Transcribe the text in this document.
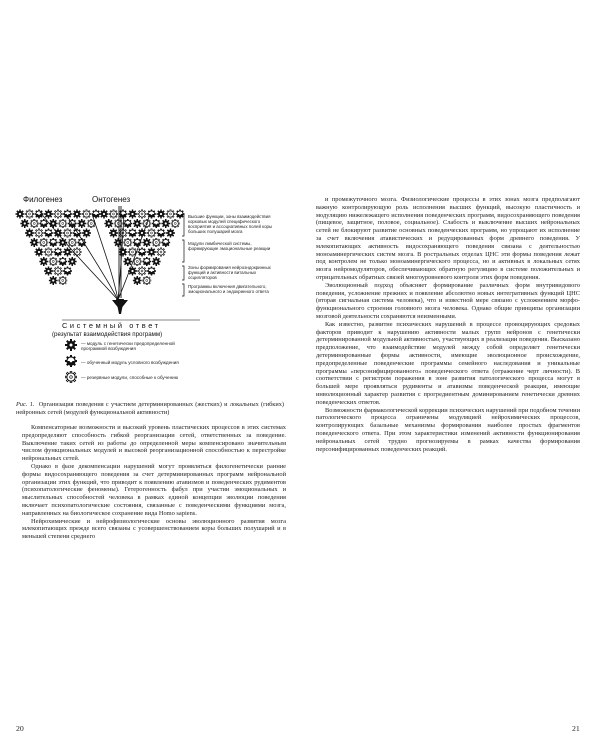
Филогенез	Онтогенез
Высшие функции, зоны взаимодействия корковых модулей специфического восприятия и ассоциативных полей коры больших полушарий мозга
Модули лимбической системы, формирующие эмоциональные реакции
Зоны формирования нейроэндокринных функций и активности витальных осцилляторов
Программы включения двигательного, эмоционального и эндокринного ответа
Системный ответ
(результат взаимодействия программ)
— модуль с генетически предопределенной программой возбуждения
— обученный модуль условного возбуждения
— резервные модули, способные к обучению
Рис. 1. Организация поведения с участием детерминированных (жестких) и локальных (гибких) нейронных сетей (модулей функциональной активности)

Компенсаторные возможности и высокий уровень пластических процессов в этих системах предопределяют способность гибкой реорганизации сетей, ответственных за поведение. Выключение таких сетей из работы до определенной меры компенсировано значительным числом функциональных модулей и высокой реорганизационной способностью к перестройке нейрональных сетей.

Однако в фазе декомпенсации нарушений могут проявляться филогенетически ранние формы видосохраняющего поведения за счет детерминированных программ нейрональной организации этих функций, что приводит к появлению атавизмов и поведенческих рудиментов (психопатологические феномены). Гетерогенность фабул при участии эмоциональных и мыслительных способностей человека в рамках единой концепции эволюции поведения включает психопатологические состояния, связанные с поведенческими функциями мозга, направленных на биологическое сохранение вида Homo sapiens.

Нейрохимические и нейрофизиологические основы эволюционного развития мозга млекопитающих прежде всего связаны с усовершенствованием коры больших полушарий и в меньшей степени среднего

20

и промежуточного мозга. Физиологические процессы в этих зонах мозга предполагают важную контролирующую роль исполнения высших функций, высокую пластичность и модуляцию нижележащего исполнения поведенческих программ, видосохраняющего поведения (пищевое, защитное, половое, социальное). Слабость и выключение высших нейрональных сетей не блокируют развитие основных поведенческих программ, но упрощают их исполнение за счет включения атавистических и редуцированных форм древнего поведения. У млекопитающих активность видосохраняющего поведения связана с деятельностью моноаминергических систем мозга. В ростральных отделах ЦНС эти формы поведения лежат под контролем не только моноаминергического процесса, но и активных в локальных сетях мозга нейромодуляторов, обеспечивающих обратную регуляцию в системе положительных и отрицательных обратных связей многоуровневого контроля этих форм поведения.

Эволюционный подход объясняет формирование различных форм внутривидового поведения, усложнение прежних и появление абсолютно новых интегративных функций ЦНС (вторая сигнальная система человека), что и известной мере связано с усложнением морфо-функционального строения головного мозга человека. Однако общие принципы организации мозговой деятельности сохраняются неизменными.

Как известно, развитие психических нарушений в процессе провоцирующих средовых факторов приводит к нарушению активности малых групп нейронов с генетически детерминированной модульной активностью, участвующих в реализации поведения. Высказано предположение, что взаимодействие модулей между собой определяет генетически детерминированные формы активности, имеющие эволюционное происхождение, предопределенные поведенческие программы семейного наследования и уникальные программы «персонифицированного» поведенческого ответа (отражение черт личности). В соответствии с регистром поражения в зоне развития патологического процесса могут в большей мере проявляться рудименты и атавизмы поведенческой реакции, имеющие инволюционный характер развития с прогредиентным доминированием генетически древних поведенческих ответов.

Возможности фармакологической коррекции психических нарушений при подобном течении патологического процесса ограничены модуляцией нейрохимических процессов, контролирующих базальные механизмы формирования наиболее простых фрагментов поведенческого ответа. При этом характеристики изменений активности функционирования нейрональных сетей трудно прогнозируемы в рамках качества формирования персонифицированных поведенческих реакций.

21
